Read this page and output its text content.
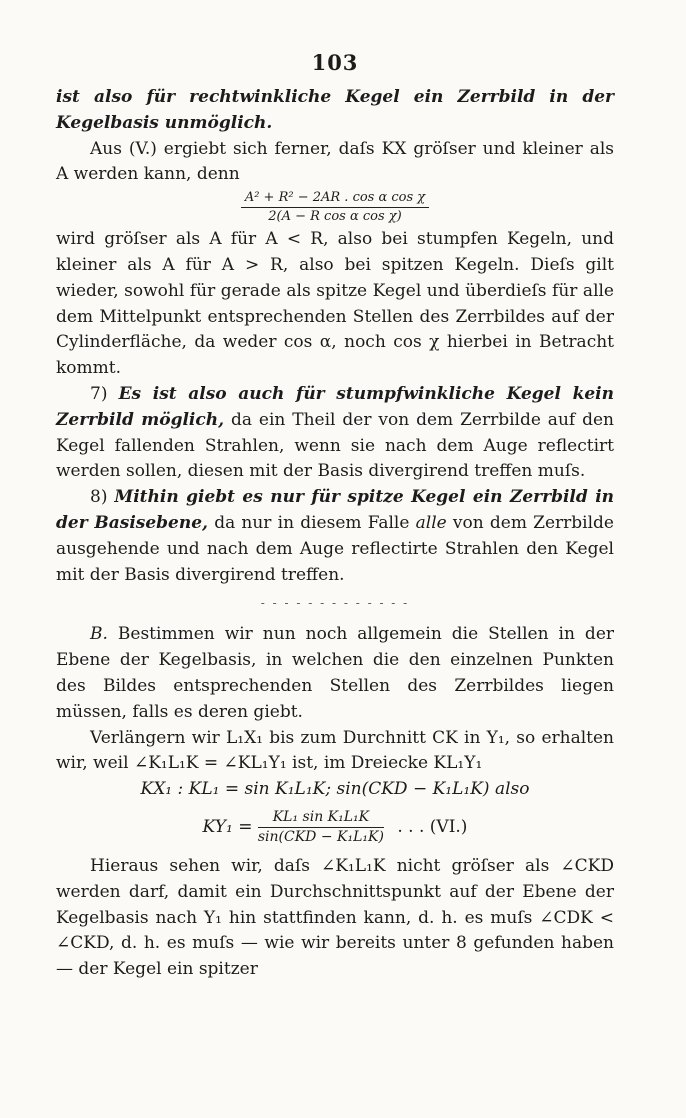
103

ist also für rechtwinkliche Kegel ein Zerrbild in der Kegelbasis unmöglich.

Aus (V.) ergiebt sich ferner, daſs KX gröſser und kleiner als A werden kann, denn

$\frac{\text{A² + R² − 2AR . cos α cos χ}}{\text{2(A − R cos α cos χ)}}$

wird gröſser als A für A < R, also bei stumpfen Kegeln, und kleiner als A für A > R, also bei spitzen Kegeln. Dieſs gilt wieder, sowohl für gerade als spitze Kegel und überdieſs für alle dem Mittelpunkt entsprechenden Stellen des Zerrbildes auf der Cylinderfläche, da weder cos α, noch cos χ hierbei in Betracht kommt.

7) Es ist also auch für stumpfwinkliche Kegel kein Zerrbild möglich, da ein Theil der von dem Zerrbilde auf den Kegel fallenden Strahlen, wenn sie nach dem Auge reflectirt werden sollen, diesen mit der Basis divergirend treffen muſs.

8) Mithin giebt es nur für spitze Kegel ein Zerrbild in der Basisebene, da nur in diesem Falle alle von dem Zerrbilde ausgehende und nach dem Auge reflectirte Strahlen den Kegel mit der Basis divergirend treffen.

- - - - - - - - - - - - -

B. Bestimmen wir nun noch allgemein die Stellen in der Ebene der Kegelbasis, in welchen die den einzelnen Punkten des Bildes entsprechenden Stellen des Zerrbildes liegen müssen, falls es deren giebt.

Verlängern wir L₁X₁ bis zum Durchnitt CK in Y₁, so erhalten wir, weil ∠K₁L₁K = ∠KL₁Y₁ ist, im Dreiecke KL₁Y₁

KX₁ : KL₁ = sin K₁L₁K; sin(CKD − K₁L₁K) also
$KY_1 = \frac{\text{KL₁ sin K₁L₁K}}{\text{sin(CKD − K₁L₁K)}}$ . . . (VI.)

Hieraus sehen wir, daſs ∠K₁L₁K nicht gröſser als ∠CKD werden darf, damit ein Durchschnittspunkt auf der Ebene der Kegelbasis nach Y₁ hin stattfinden kann, d. h. es muſs ∠CDK < ∠CKD, d. h. es muſs — wie wir bereits unter 8 gefunden haben — der Kegel ein spitzer
